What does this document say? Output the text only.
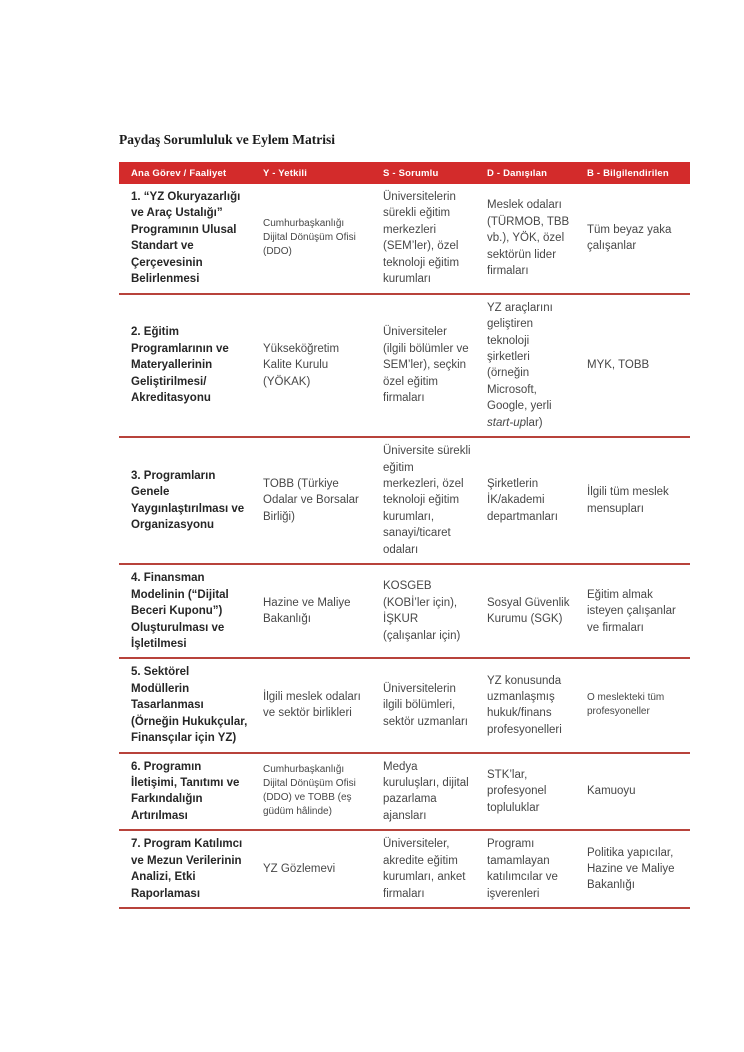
Paydaş Sorumluluk ve Eylem Matrisi
Ana Görev / Faaliyet	Y - Yetkili	S - Sorumlu	D - Danışılan	B - Bilgilendirilen
1. “YZ Okuryazarlığı ve Araç Ustalığı” Programının Ulusal Standart ve Çerçevesinin Belirlenmesi	Cumhurbaşkanlığı Dijital Dönüşüm Ofisi (DDO)	Üniversitelerin sürekli eğitim merkezleri (SEM’ler), özel teknoloji eğitim kurumları	Meslek odaları (TÜRMOB, TBB vb.), YÖK, özel sektörün lider firmaları	Tüm beyaz yaka çalışanlar
2. Eğitim Programlarının ve Materyallerinin Geliştirilmesi/ Akreditasyonu	Yükseköğretim Kalite Kurulu (YÖKAK)	Üniversiteler (ilgili bölümler ve SEM’ler), seçkin özel eğitim firmaları	YZ araçlarını geliştiren teknoloji şirketleri (örneğin Microsoft, Google, yerli start-uplar)	MYK, TOBB
3. Programların Genele Yaygınlaştırılması ve Organizasyonu	TOBB (Türkiye Odalar ve Borsalar Birliği)	Üniversite sürekli eğitim merkezleri, özel teknoloji eğitim kurumları, sanayi/ticaret odaları	Şirketlerin İK/akademi departmanları	İlgili tüm meslek mensupları
4. Finansman Modelinin (“Dijital Beceri Kuponu”) Oluşturulması ve İşletilmesi	Hazine ve Maliye Bakanlığı	KOSGEB (KOBİ’ler için), İŞKUR (çalışanlar için)	Sosyal Güvenlik Kurumu (SGK)	Eğitim almak isteyen çalışanlar ve firmaları
5. Sektörel Modüllerin Tasarlanması (Örneğin Hukukçular, Finansçılar için YZ)	İlgili meslek odaları ve sektör birlikleri	Üniversitelerin ilgili bölümleri, sektör uzmanları	YZ konusunda uzmanlaşmış hukuk/finans profesyonelleri	O meslekteki tüm profesyoneller

6. Programın İletişimi, Tanıtımı ve Farkındalığın Artırılması	Cumhurbaşkanlığı Dijital Dönüşüm Ofisi (DDO) ve TOBB (eş güdüm hâlinde)	Medya kuruluşları, dijital pazarlama ajansları	STK’lar, profesyonel topluluklar	Kamuoyu
7. Program Katılımcı ve Mezun Verilerinin Analizi, Etki Raporlaması	YZ Gözlemevi	Üniversiteler, akredite eğitim kurumları, anket firmaları	Programı tamamlayan katılımcılar ve işverenleri	Politika yapıcılar, Hazine ve Maliye Bakanlığı
